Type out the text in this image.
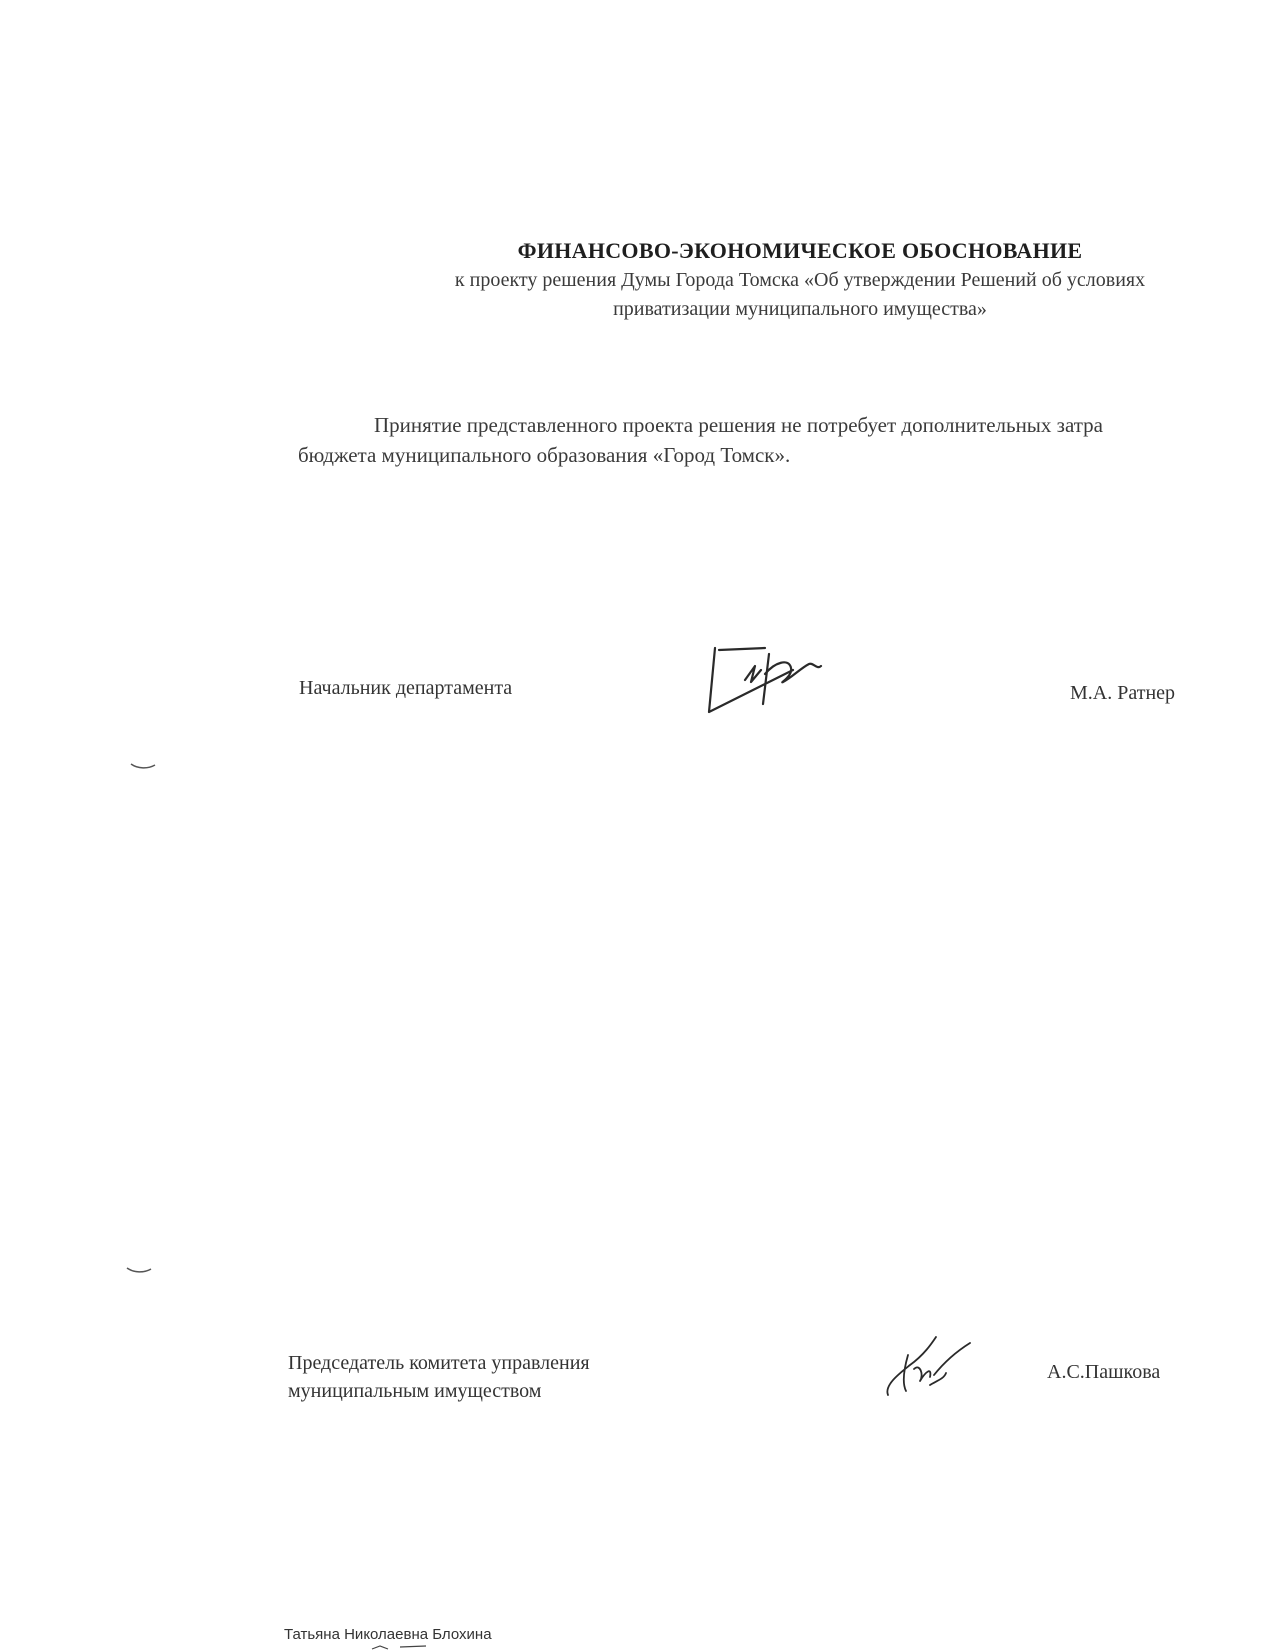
ФИНАНСОВО-ЭКОНОМИЧЕСКОЕ ОБОСНОВАНИЕ
к проекту решения Думы Города Томска «Об утверждении Решений об условиях
приватизации муниципального имущества»
Принятие представленного проекта решения не потребует дополнительных затра
бюджета муниципального образования «Город Томск».
Начальник департамента	М.А. Ратнер
Председатель комитета управления
муниципальным имуществом
А.С.Пашкова
Татьяна Николаевна Блохина
